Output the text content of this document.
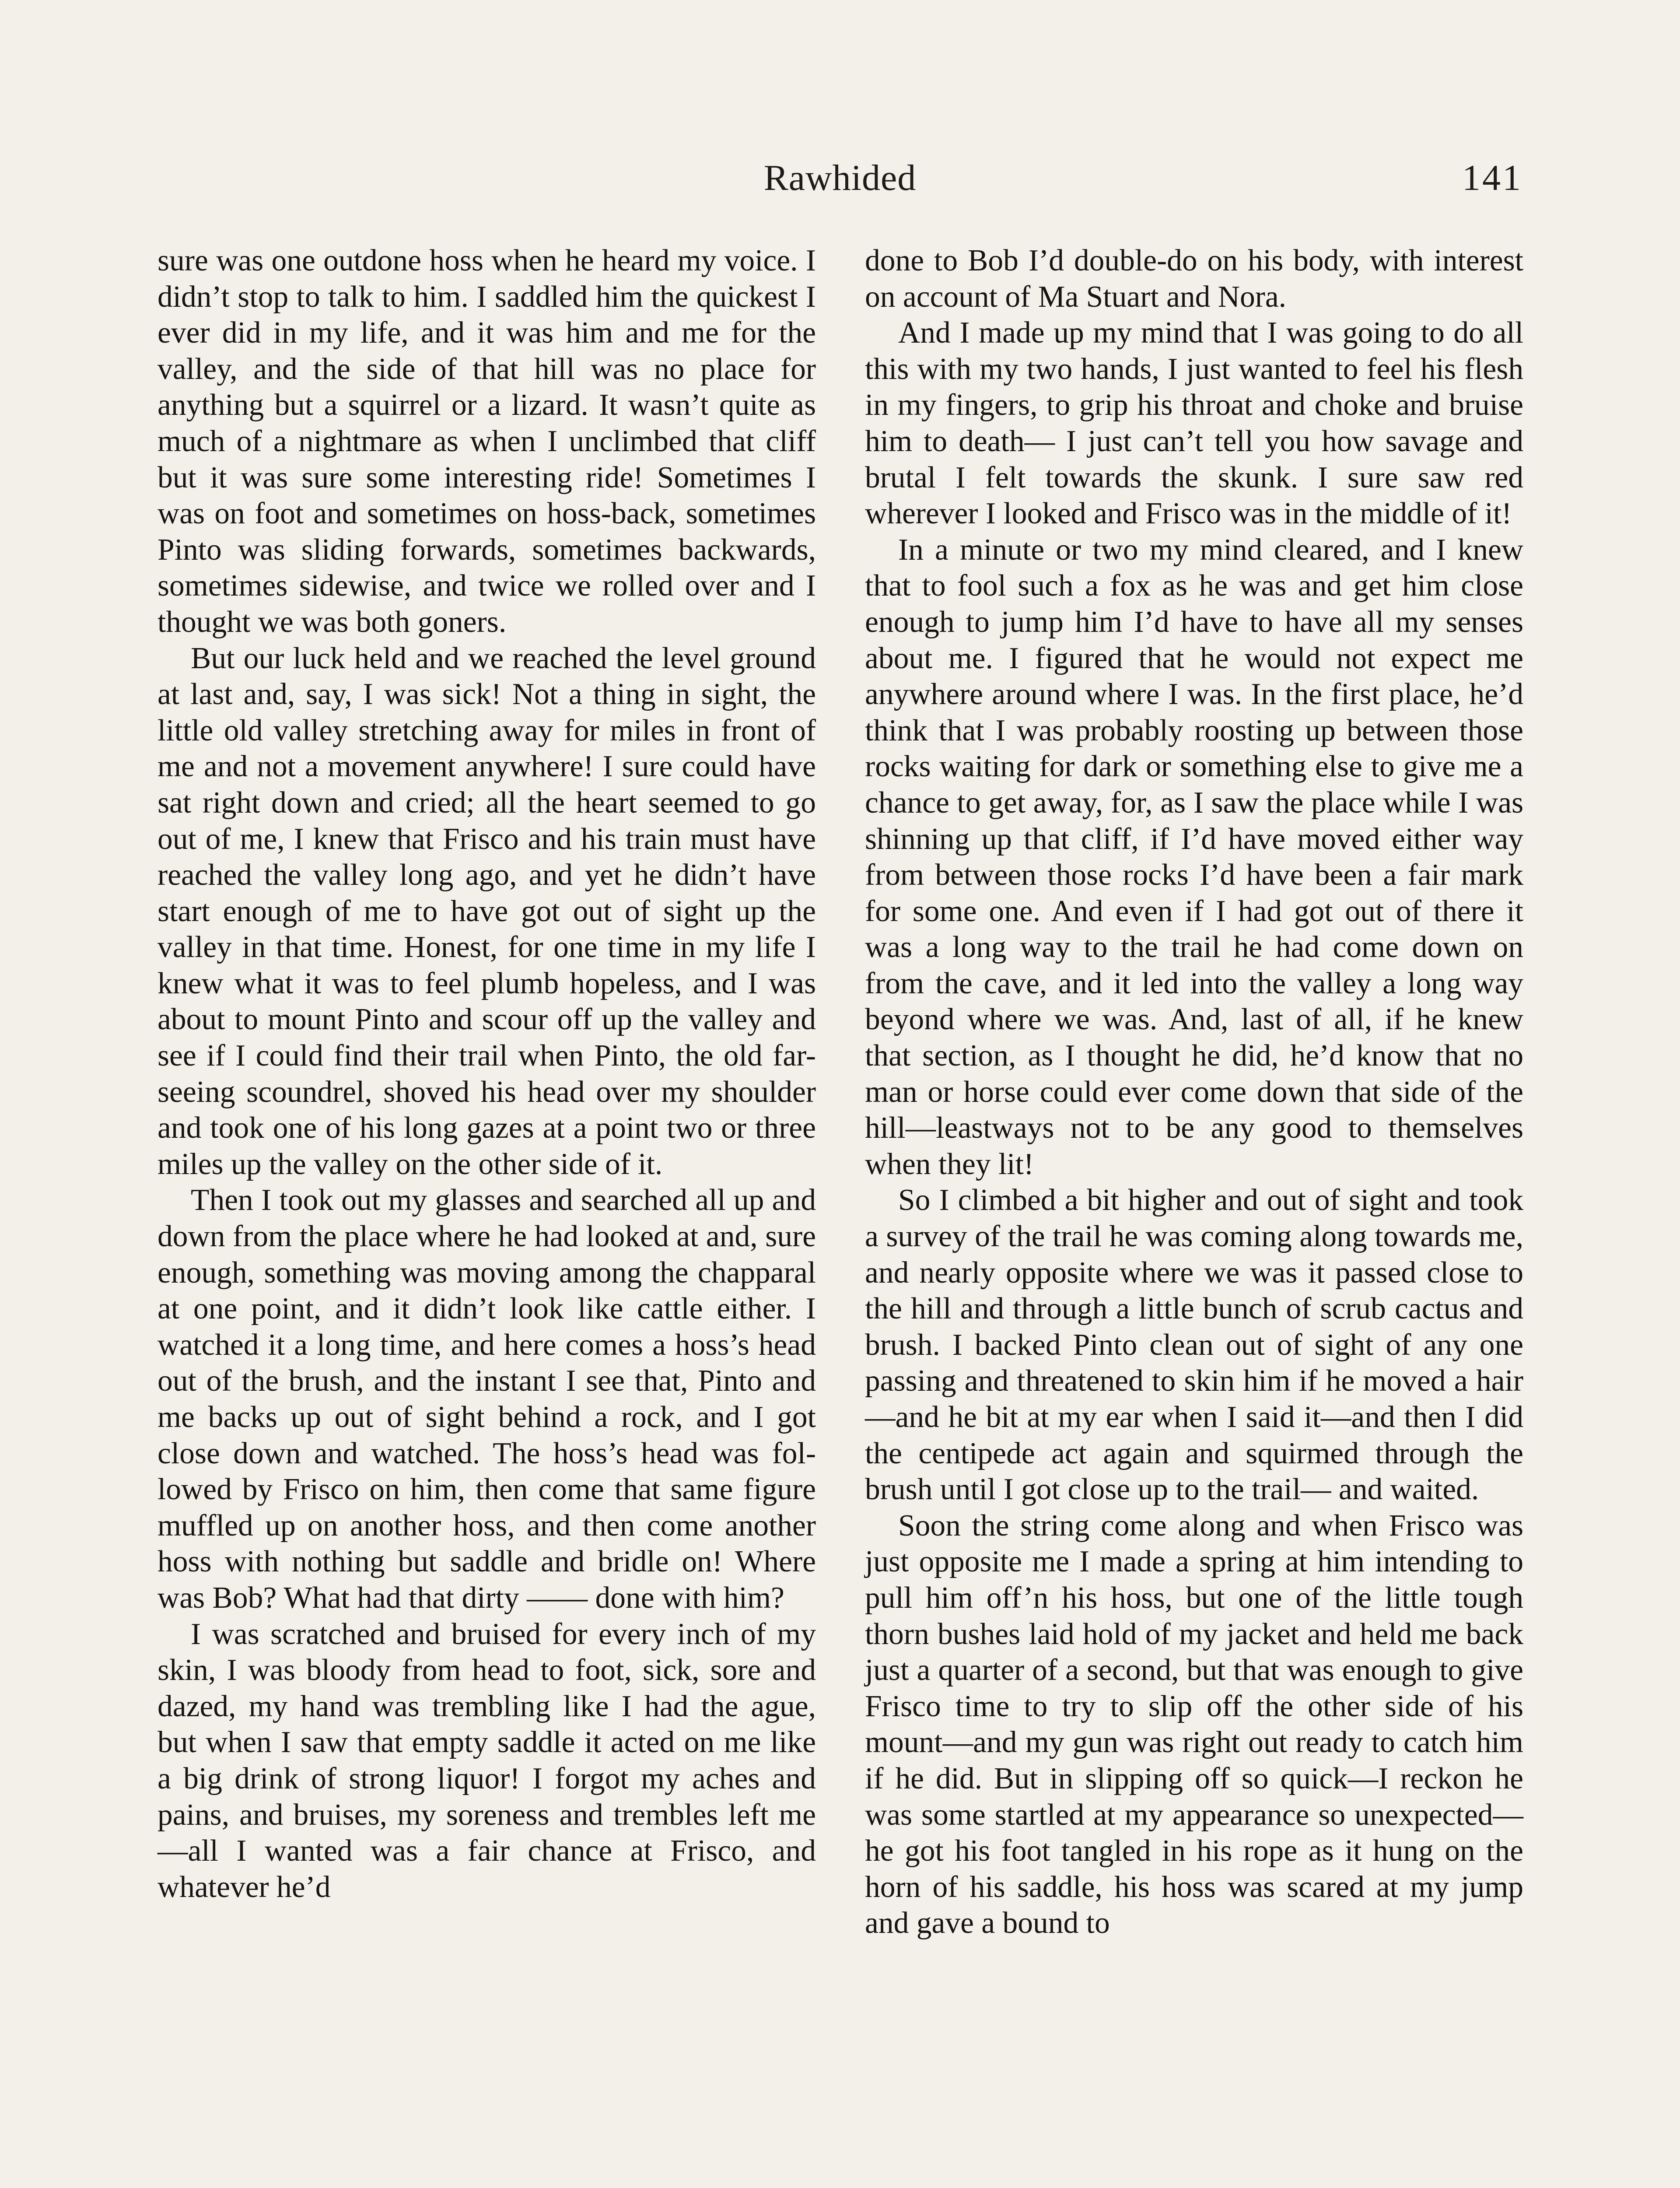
Rawhided	141

sure was one outdone hoss when he heard my voice. I didn’t stop to talk to him. I saddled him the quickest I ever did in my life, and it was him and me for the valley, and the side of that hill was no place for anything but a squirrel or a lizard. It wasn’t quite as much of a nightmare as when I unclimbed that cliff but it was sure some interesting ride! Sometimes I was on foot and sometimes on hoss-back, sometimes Pinto was sliding forwards, sometimes backwards, sometimes sidewise, and twice we rolled over and I thought we was both goners.

But our luck held and we reached the level ground at last and, say, I was sick! Not a thing in sight, the little old valley stretching away for miles in front of me and not a movement anywhere! I sure could have sat right down and cried; all the heart seemed to go out of me, I knew that Frisco and his train must have reached the valley long ago, and yet he didn’t have start enough of me to have got out of sight up the valley in that time. Honest, for one time in my life I knew what it was to feel plumb hopeless, and I was about to mount Pinto and scour off up the valley and see if I could find their trail when Pinto, the old far-seeing scoundrel, shoved his head over my shoulder and took one of his long gazes at a point two or three miles up the valley on the other side of it.

Then I took out my glasses and searched all up and down from the place where he had looked at and, sure enough, something was moving among the chapparal at one point, and it didn’t look like cattle either. I watched it a long time, and here comes a hoss’s head out of the brush, and the instant I see that, Pinto and me backs up out of sight behind a rock, and I got close down and watched. The hoss’s head was followed by Frisco on him, then come that same figure muffled up on another hoss, and then come another hoss with nothing but saddle and bridle on! Where was Bob? What had that dirty —— done with him?

I was scratched and bruised for every inch of my skin, I was bloody from head to foot, sick, sore and dazed, my hand was trembling like I had the ague, but when I saw that empty saddle it acted on me like a big drink of strong liquor! I forgot my aches and pains, and bruises, my soreness and trembles left me—all I wanted was a fair chance at Frisco, and whatever he’d

done to Bob I’d double-do on his body, with interest on account of Ma Stuart and Nora.

And I made up my mind that I was going to do all this with my two hands, I just wanted to feel his flesh in my fingers, to grip his throat and choke and bruise him to death— I just can’t tell you how savage and brutal I felt towards the skunk. I sure saw red wherever I looked and Frisco was in the middle of it!

In a minute or two my mind cleared, and I knew that to fool such a fox as he was and get him close enough to jump him I’d have to have all my senses about me. I figured that he would not expect me anywhere around where I was. In the first place, he’d think that I was probably roosting up between those rocks waiting for dark or something else to give me a chance to get away, for, as I saw the place while I was shinning up that cliff, if I’d have moved either way from between those rocks I’d have been a fair mark for some one. And even if I had got out of there it was a long way to the trail he had come down on from the cave, and it led into the valley a long way beyond where we was. And, last of all, if he knew that section, as I thought he did, he’d know that no man or horse could ever come down that side of the hill—leastways not to be any good to themselves when they lit!

So I climbed a bit higher and out of sight and took a survey of the trail he was coming along towards me, and nearly opposite where we was it passed close to the hill and through a little bunch of scrub cactus and brush. I backed Pinto clean out of sight of any one passing and threatened to skin him if he moved a hair—and he bit at my ear when I said it—and then I did the centipede act again and squirmed through the brush until I got close up to the trail— and waited.

Soon the string come along and when Frisco was just opposite me I made a spring at him intending to pull him off’n his hoss, but one of the little tough thorn bushes laid hold of my jacket and held me back just a quarter of a second, but that was enough to give Frisco time to try to slip off the other side of his mount—and my gun was right out ready to catch him if he did. But in slipping off so quick—I reckon he was some startled at my appearance so unexpected— he got his foot tangled in his rope as it hung on the horn of his saddle, his hoss was scared at my jump and gave a bound to
